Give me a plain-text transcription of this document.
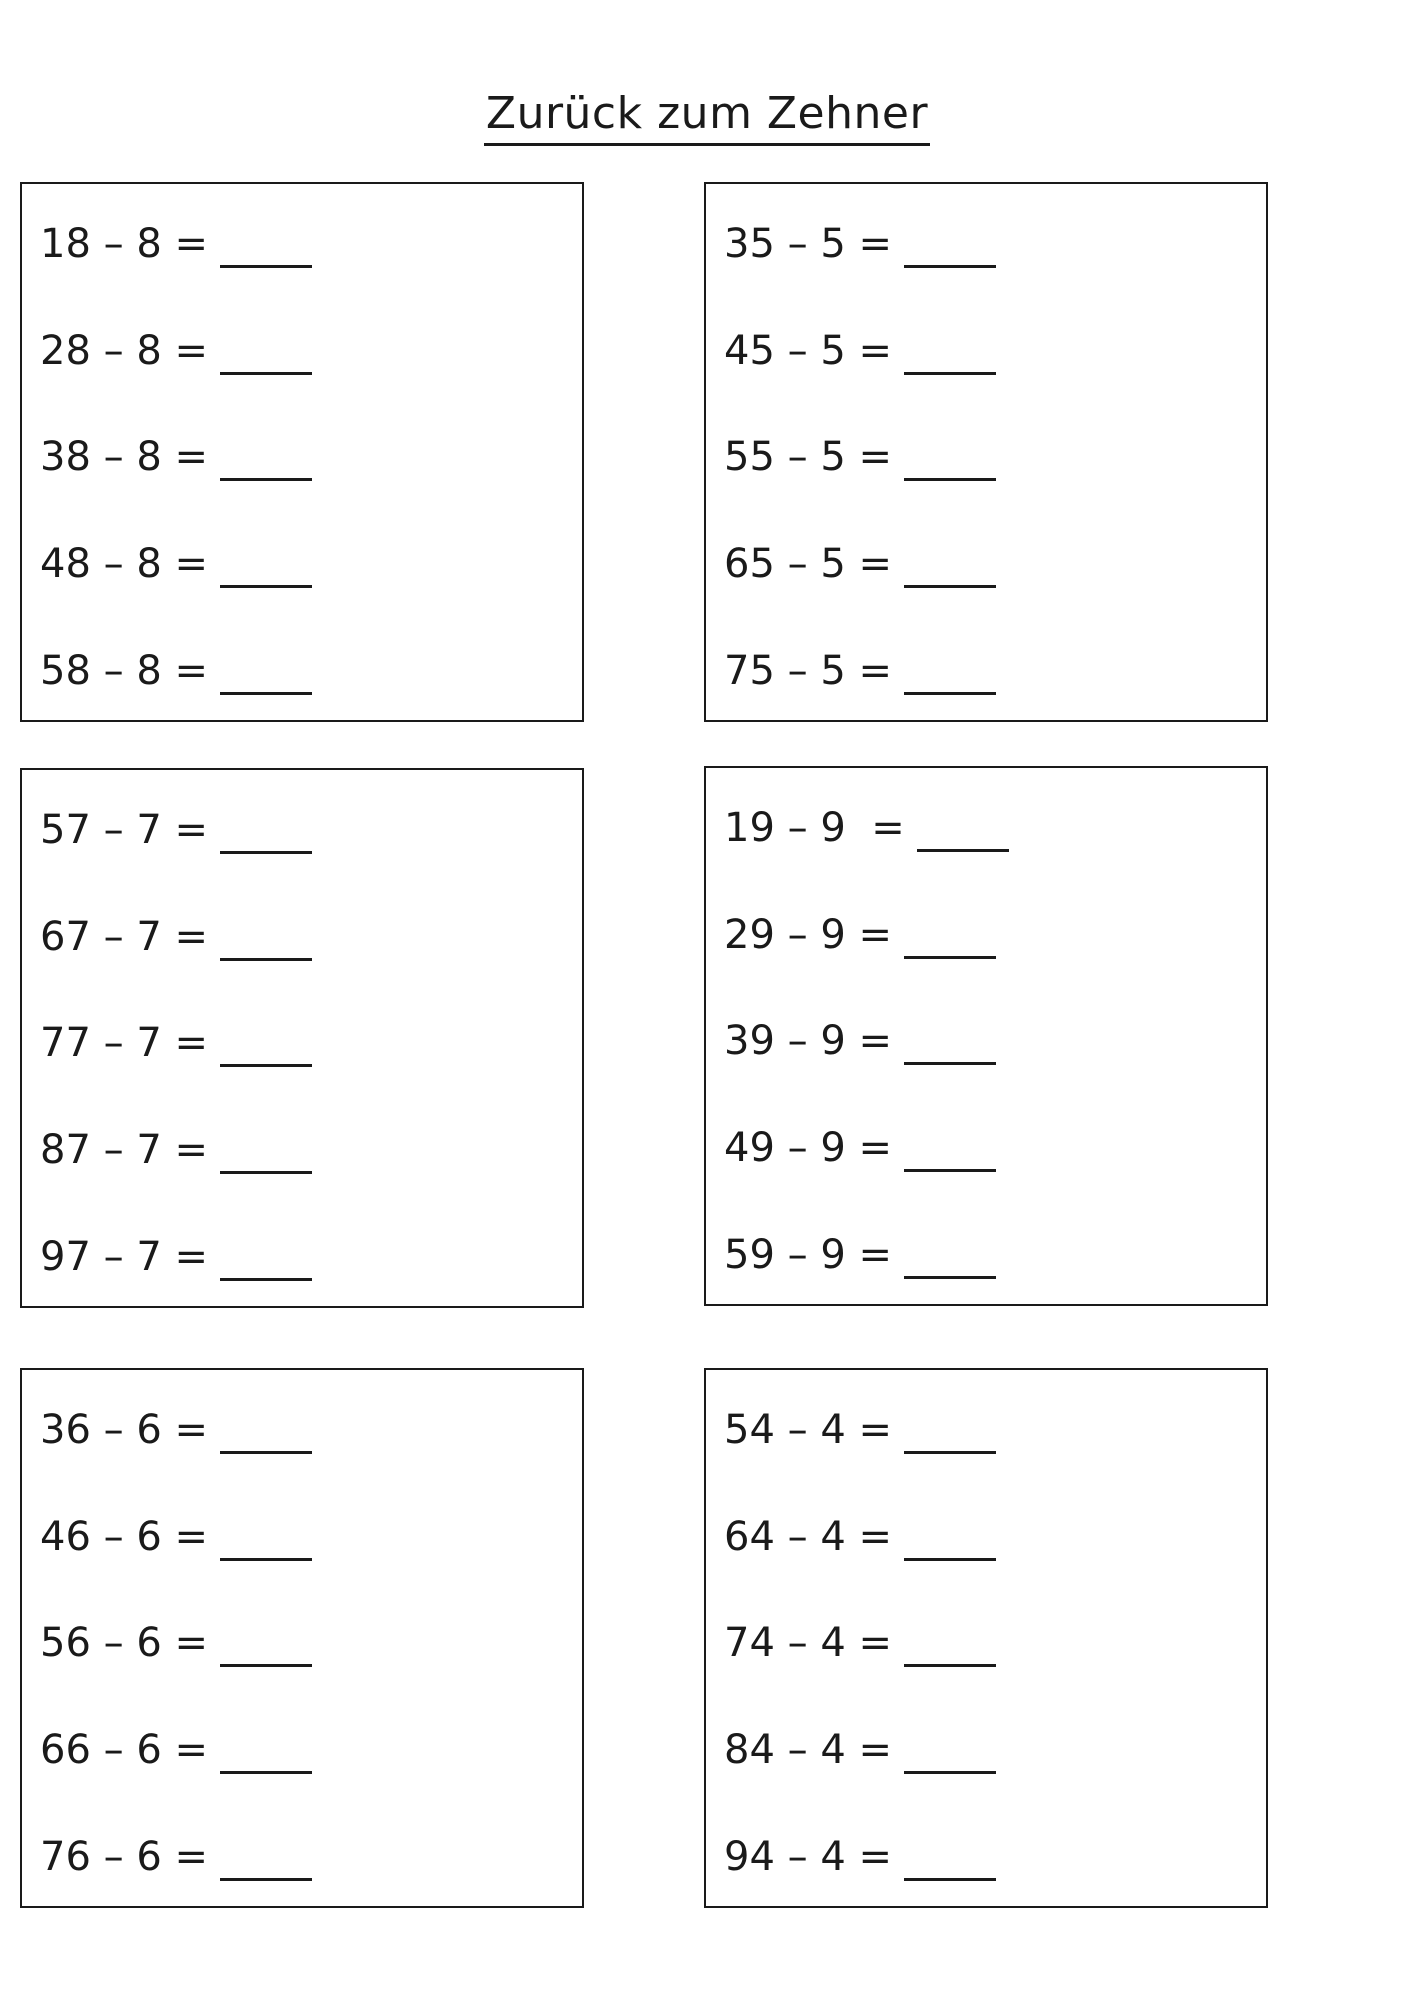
Zurück zum Zehner
18 – 8 =
28 – 8 =
38 – 8 =
48 – 8 =
58 – 8 =
35 – 5 =
45 – 5 =
55 – 5 =
65 – 5 =
75 – 5 =
57 – 7 =
67 – 7 =
77 – 7 =
87 – 7 =
97 – 7 =
19 – 9  =
29 – 9 =
39 – 9 =
49 – 9 =
59 – 9 =
36 – 6 =
46 – 6 =
56 – 6 =
66 – 6 =
76 – 6 =
54 – 4 =
64 – 4 =
74 – 4 =
84 – 4 =
94 – 4 =
